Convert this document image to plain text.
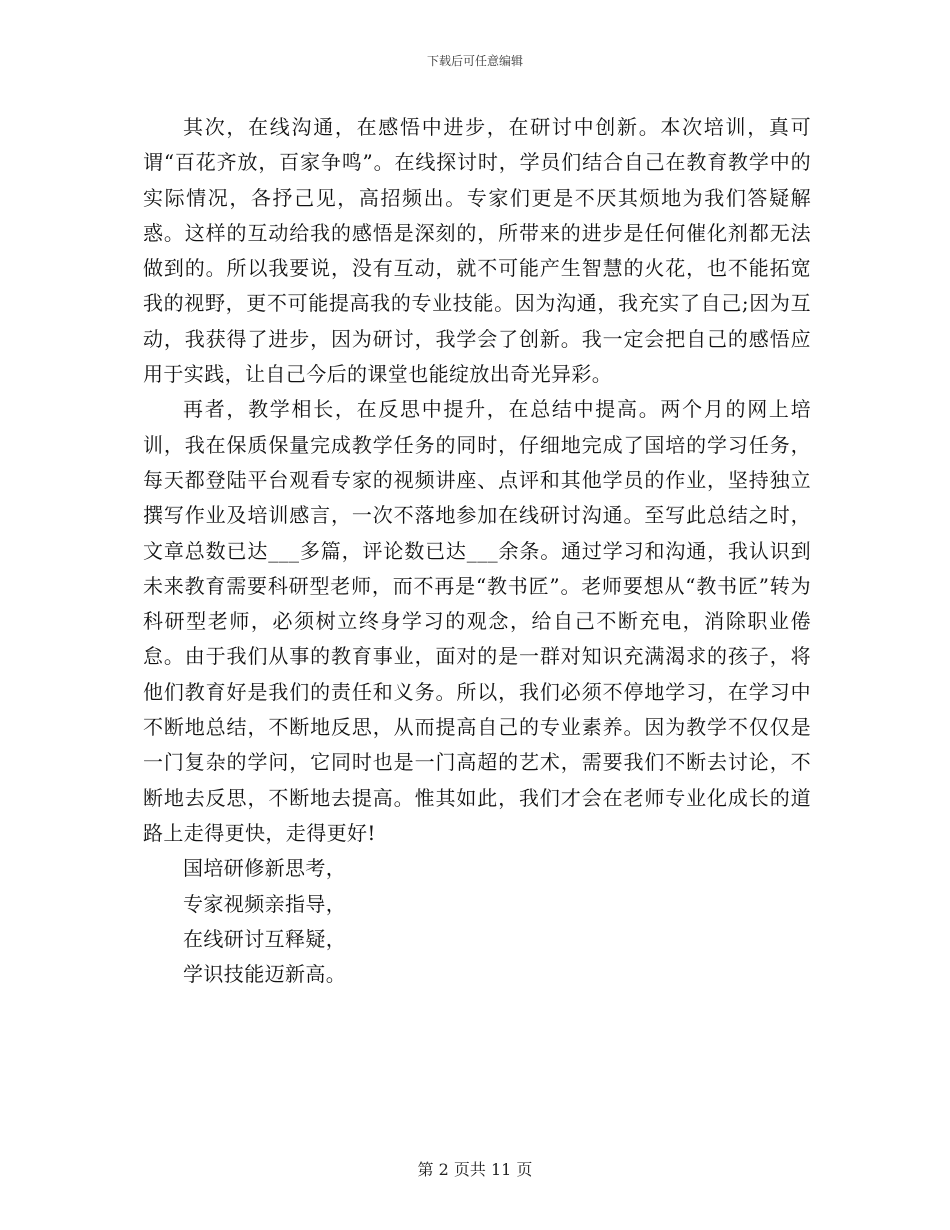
下载后可任意编辑

其次，在线沟通，在感悟中进步，在研讨中创新。本次培训，真可谓“百花齐放，百家争鸣”。在线探讨时，学员们结合自己在教育教学中的实际情况，各抒己见，高招频出。专家们更是不厌其烦地为我们答疑解惑。这样的互动给我的感悟是深刻的，所带来的进步是任何催化剂都无法做到的。所以我要说，没有互动，就不可能产生智慧的火花，也不能拓宽我的视野，更不可能提高我的专业技能。因为沟通，我充实了自己;因为互动，我获得了进步，因为研讨，我学会了创新。我一定会把自己的感悟应用于实践，让自己今后的课堂也能绽放出奇光异彩。

再者，教学相长，在反思中提升，在总结中提高。两个月的网上培训，我在保质保量完成教学任务的同时，仔细地完成了国培的学习任务，每天都登陆平台观看专家的视频讲座、点评和其他学员的作业，坚持独立撰写作业及培训感言，一次不落地参加在线研讨沟通。至写此总结之时，文章总数已达___多篇，评论数已达___余条。通过学习和沟通，我认识到未来教育需要科研型老师，而不再是“教书匠”。老师要想从“教书匠”转为科研型老师，必须树立终身学习的观念，给自己不断充电，消除职业倦怠。由于我们从事的教育事业，面对的是一群对知识充满渴求的孩子，将他们教育好是我们的责任和义务。所以，我们必须不停地学习，在学习中不断地总结，不断地反思，从而提高自己的专业素养。因为教学不仅仅是一门复杂的学问，它同时也是一门高超的艺术，需要我们不断去讨论，不断地去反思，不断地去提高。惟其如此，我们才会在老师专业化成长的道路上走得更快，走得更好!

国培研修新思考，
专家视频亲指导，
在线研讨互释疑，
学识技能迈新高。
第 2 页共 11 页
